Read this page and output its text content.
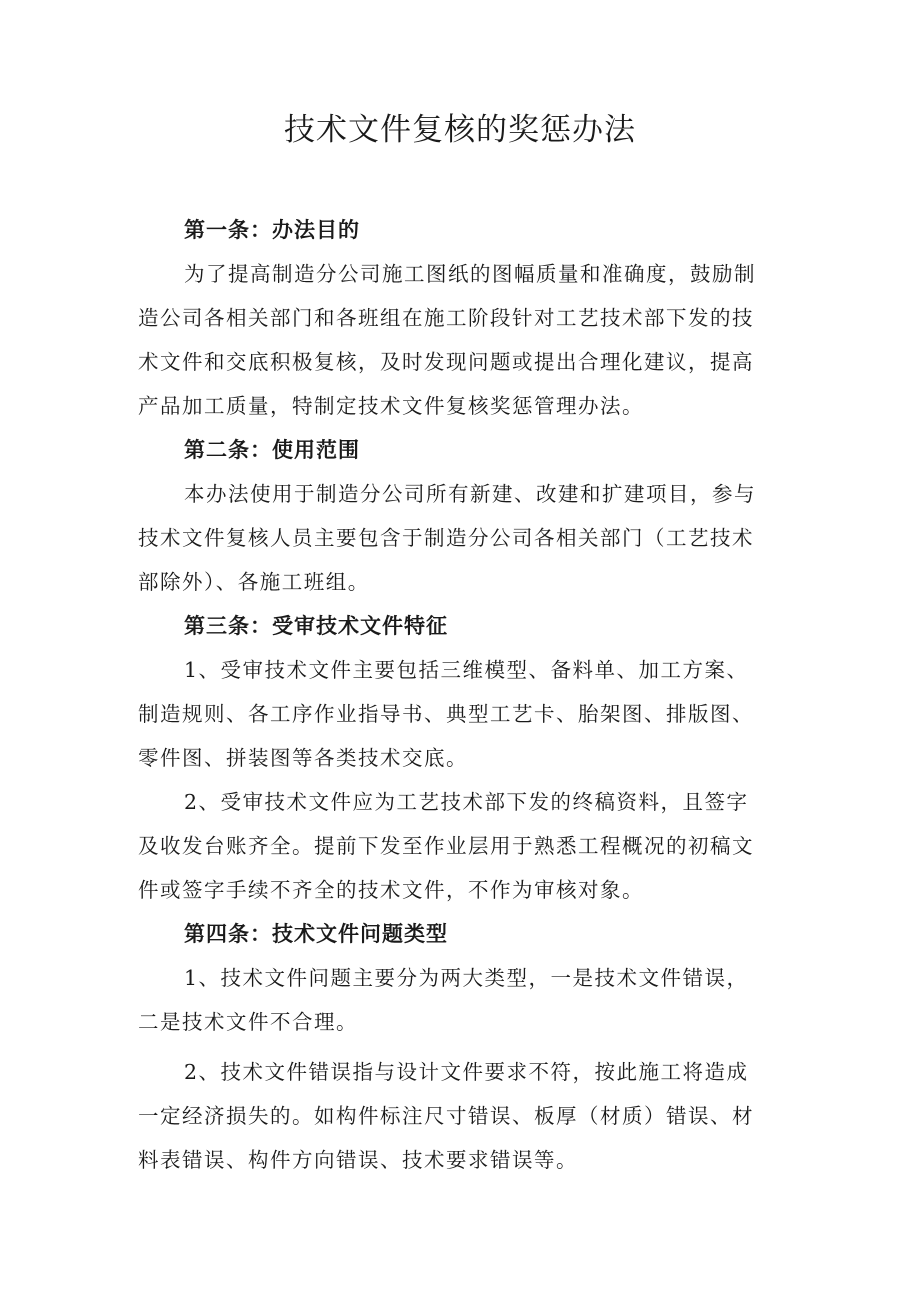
技术文件复核的奖惩办法
第一条：办法目的

为了提高制造分公司施工图纸的图幅质量和准确度，鼓励制
造公司各相关部门和各班组在施工阶段针对工艺技术部下发的技
术文件和交底积极复核，及时发现问题或提出合理化建议，提高
产品加工质量，特制定技术文件复核奖惩管理办法。

第二条：使用范围

本办法使用于制造分公司所有新建、改建和扩建项目，参与
技术文件复核人员主要包含于制造分公司各相关部门（工艺技术
部除外）、各施工班组。

第三条：受审技术文件特征

1、受审技术文件主要包括三维模型、备料单、加工方案、
制造规则、各工序作业指导书、典型工艺卡、胎架图、排版图、
零件图、拼装图等各类技术交底。

2、受审技术文件应为工艺技术部下发的终稿资料，且签字
及收发台账齐全。提前下发至作业层用于熟悉工程概况的初稿文
件或签字手续不齐全的技术文件，不作为审核对象。

第四条：技术文件问题类型

1、技术文件问题主要分为两大类型，一是技术文件错误，
二是技术文件不合理。

2、技术文件错误指与设计文件要求不符，按此施工将造成
一定经济损失的。如构件标注尺寸错误、板厚（材质）错误、材
料表错误、构件方向错误、技术要求错误等。
